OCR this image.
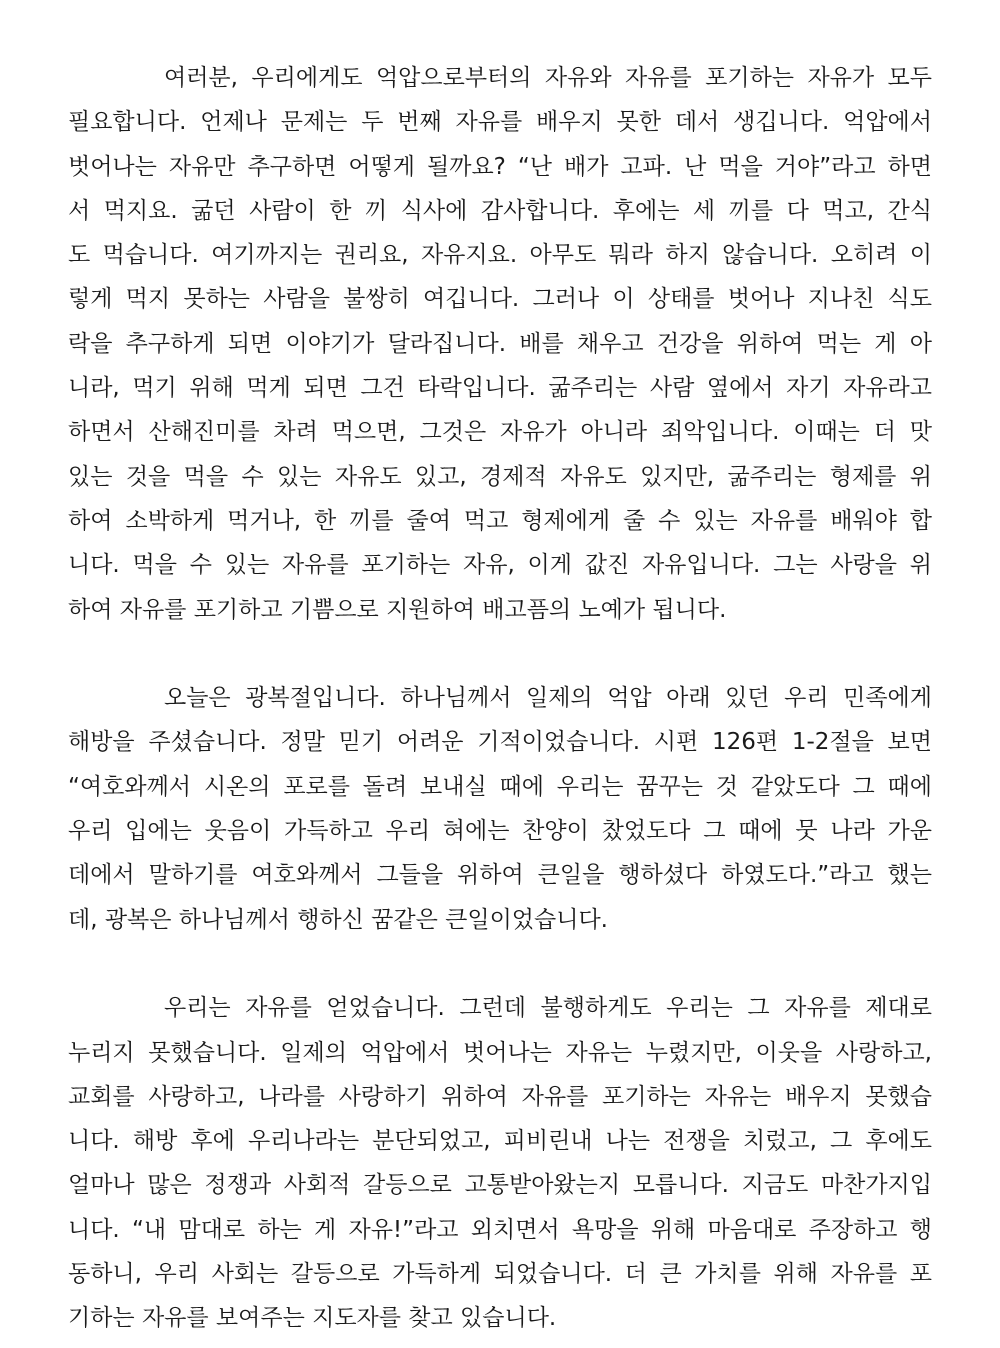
여러분, 우리에게도 억압으로부터의 자유와 자유를 포기하는 자유가 모두
필요합니다. 언제나 문제는 두 번째 자유를 배우지 못한 데서 생깁니다. 억압에서
벗어나는 자유만 추구하면 어떻게 될까요? “난 배가 고파. 난 먹을 거야”라고 하면
서 먹지요. 굶던 사람이 한 끼 식사에 감사합니다. 후에는 세 끼를 다 먹고, 간식
도 먹습니다. 여기까지는 권리요, 자유지요. 아무도 뭐라 하지 않습니다. 오히려 이
렇게 먹지 못하는 사람을 불쌍히 여깁니다. 그러나 이 상태를 벗어나 지나친 식도
락을 추구하게 되면 이야기가 달라집니다. 배를 채우고 건강을 위하여 먹는 게 아
니라, 먹기 위해 먹게 되면 그건 타락입니다. 굶주리는 사람 옆에서 자기 자유라고
하면서 산해진미를 차려 먹으면, 그것은 자유가 아니라 죄악입니다. 이때는 더 맛
있는 것을 먹을 수 있는 자유도 있고, 경제적 자유도 있지만, 굶주리는 형제를 위
하여 소박하게 먹거나, 한 끼를 줄여 먹고 형제에게 줄 수 있는 자유를 배워야 합
니다. 먹을 수 있는 자유를 포기하는 자유, 이게 값진 자유입니다. 그는 사랑을 위
하여 자유를 포기하고 기쁨으로 지원하여 배고픔의 노예가 됩니다.
오늘은 광복절입니다. 하나님께서 일제의 억압 아래 있던 우리 민족에게
해방을 주셨습니다. 정말 믿기 어려운 기적이었습니다. 시편 126편 1-2절을 보면
“여호와께서 시온의 포로를 돌려 보내실 때에 우리는 꿈꾸는 것 같았도다 그 때에
우리 입에는 웃음이 가득하고 우리 혀에는 찬양이 찼었도다 그 때에 뭇 나라 가운
데에서 말하기를 여호와께서 그들을 위하여 큰일을 행하셨다 하였도다.”라고 했는
데, 광복은 하나님께서 행하신 꿈같은 큰일이었습니다.
우리는 자유를 얻었습니다. 그런데 불행하게도 우리는 그 자유를 제대로
누리지 못했습니다. 일제의 억압에서 벗어나는 자유는 누렸지만, 이웃을 사랑하고,
교회를 사랑하고, 나라를 사랑하기 위하여 자유를 포기하는 자유는 배우지 못했습
니다. 해방 후에 우리나라는 분단되었고, 피비린내 나는 전쟁을 치렀고, 그 후에도
얼마나 많은 정쟁과 사회적 갈등으로 고통받아왔는지 모릅니다. 지금도 마찬가지입
니다. “내 맘대로 하는 게 자유!”라고 외치면서 욕망을 위해 마음대로 주장하고 행
동하니, 우리 사회는 갈등으로 가득하게 되었습니다. 더 큰 가치를 위해 자유를 포
기하는 자유를 보여주는 지도자를 찾고 있습니다.
